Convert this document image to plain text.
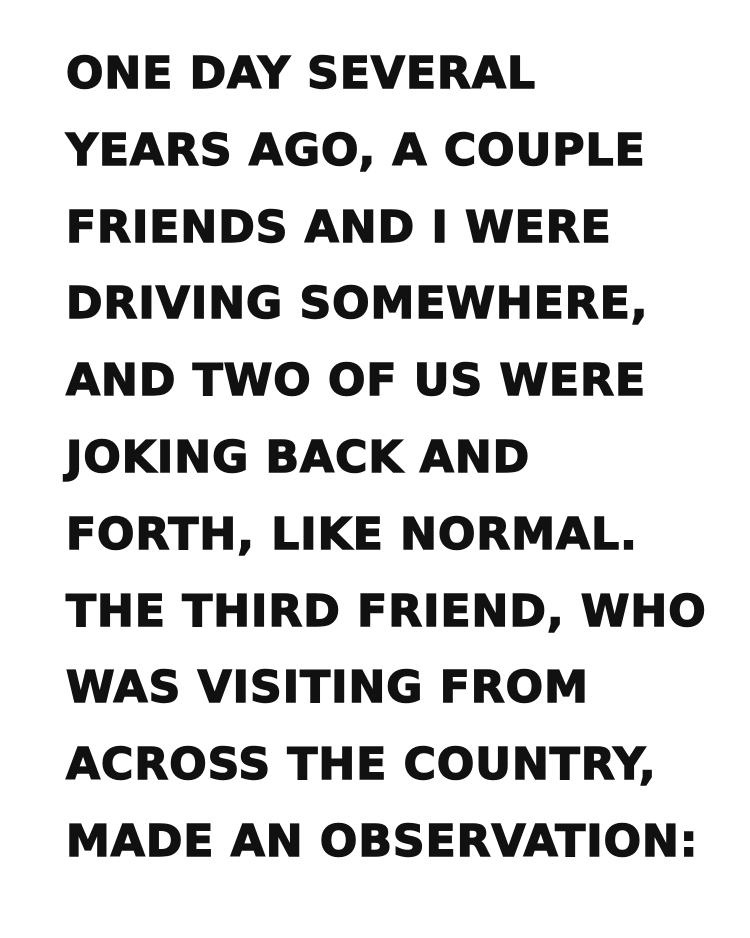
ONE DAY SEVERAL
YEARS AGO, A COUPLE
FRIENDS AND I WERE
DRIVING SOMEWHERE,
AND TWO OF US WERE
JOKING BACK AND
FORTH, LIKE NORMAL.
THE THIRD FRIEND, WHO
WAS VISITING FROM
ACROSS THE COUNTRY,
MADE AN OBSERVATION:
